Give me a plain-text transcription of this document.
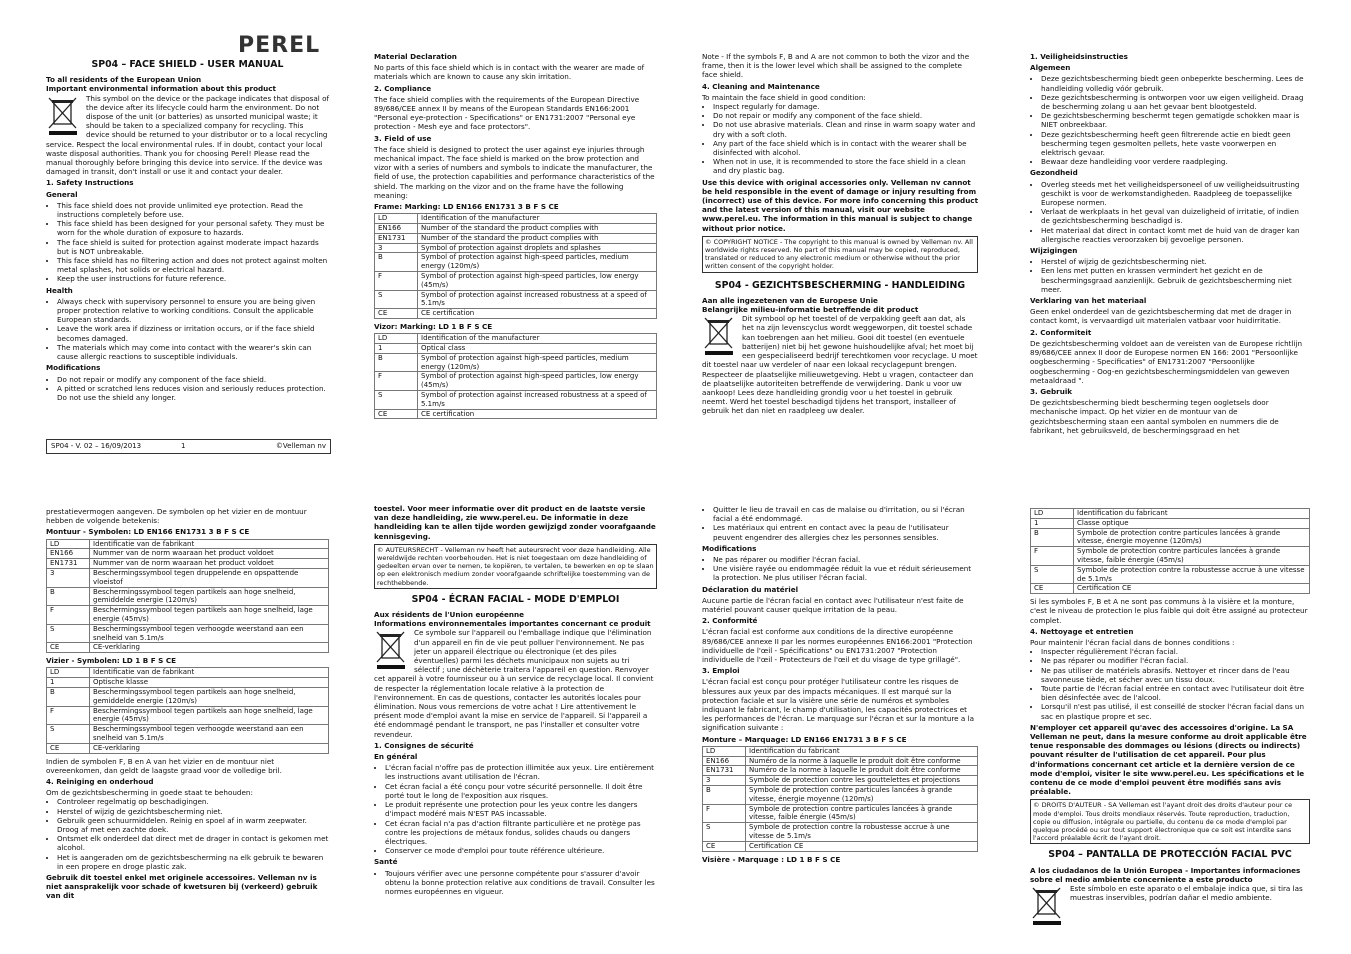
PEREL
SP04 – FACE SHIELD - USER MANUAL

To all residents of the European Union

Important environmental information about this product

This symbol on the device or the package indicates that disposal of the device after its lifecycle could harm the environment. Do not dispose of the unit (or batteries) as unsorted municipal waste; it should be taken to a specialized company for recycling. This device should be returned to your distributor or to a local recycling service. Respect the local environmental rules. If in doubt, contact your local waste disposal authorities. Thank you for choosing Perel! Please read the manual thoroughly before bringing this device into service. If the device was damaged in transit, don't install or use it and contact your dealer.

1. Safety Instructions

General

• This face shield does not provide unlimited eye protection. Read the instructions completely before use.
• This face shield has been designed for your personal safety. They must be worn for the whole duration of exposure to hazards.
• The face shield is suited for protection against moderate impact hazards but is NOT unbreakable.
• This face shield has no filtering action and does not protect against molten metal splashes, hot solids or electrical hazard.
• Keep the user instructions for future reference.

Health

• Always check with supervisory personnel to ensure you are being given proper protection relative to working conditions. Consult the applicable European standards.
• Leave the work area if dizziness or irritation occurs, or if the face shield becomes damaged.
• The materials which may come into contact with the wearer's skin can cause allergic reactions to susceptible individuals.

Modifications

• Do not repair or modify any component of the face shield.
• A pitted or scratched lens reduces vision and seriously reduces protection. Do not use the shield any longer.
SP04 - V. 02 – 16/09/2013	1	©Velleman nv

Material Declaration

No parts of this face shield which is in contact with the wearer are made of materials which are known to cause any skin irritation.

2. Compliance

The face shield complies with the requirements of the European Directive 89/686/CEE annex II by means of the European Standards EN166:2001 "Personal eye-protection - Specifications" or EN1731:2007 "Personal eye protection - Mesh eye and face protectors".

3. Field of use

The face shield is designed to protect the user against eye injuries through mechanical impact. The face shield is marked on the brow protection and vizor with a series of numbers and symbols to indicate the manufacturer, the field of use, the protection capabilities and performance characteristics of the shield. The marking on the vizor and on the frame have the following meaning:

Frame: Marking: LD EN166 EN1731 3 B F S CE

LD	Identification of the manufacturer
EN166	Number of the standard the product complies with
EN1731	Number of the standard the product complies with
3	Symbol of protection against droplets and splashes
B	Symbol of protection against high-speed particles, medium energy (120m/s)
F	Symbol of protection against high-speed particles, low energy (45m/s)
S	Symbol of protection against increased robustness at a speed of 5.1m/s
CE	CE certification

Vizor: Marking: LD 1 B F S CE

LD	Identification of the manufacturer
1	Optical class
B	Symbol of protection against high-speed particles, medium energy (120m/s)
F	Symbol of protection against high-speed particles, low energy (45m/s)
S	Symbol of protection against increased robustness at a speed of 5.1m/s
CE	CE certification

Note - If the symbols F, B and A are not common to both the vizor and the frame, then it is the lower level which shall be assigned to the complete face shield.

4. Cleaning and Maintenance

To maintain the face shield in good condition:

• Inspect regularly for damage.
• Do not repair or modify any component of the face shield.
• Do not use abrasive materials. Clean and rinse in warm soapy water and dry with a soft cloth.
• Any part of the face shield which is in contact with the wearer shall be disinfected with alcohol.
• When not in use, it is recommended to store the face shield in a clean and dry plastic bag.

Use this device with original accessories only. Velleman nv cannot be held responsible in the event of damage or injury resulting from (incorrect) use of this device. For more info concerning this product and the latest version of this manual, visit our website www.perel.eu. The information in this manual is subject to change without prior notice.

© COPYRIGHT NOTICE - The copyright to this manual is owned by Velleman nv. All worldwide rights reserved. No part of this manual may be copied, reproduced, translated or reduced to any electronic medium or otherwise without the prior written consent of the copyright holder.
SP04 - GEZICHTSBESCHERMING - HANDLEIDING

Aan alle ingezetenen van de Europese Unie

Belangrijke milieu-informatie betreffende dit product

Dit symbool op het toestel of de verpakking geeft aan dat, als het na zijn levenscyclus wordt weggeworpen, dit toestel schade kan toebrengen aan het milieu. Gooi dit toestel (en eventuele batterijen) niet bij het gewone huishoudelijke afval; het moet bij een gespecialiseerd bedrijf terechtkomen voor recyclage. U moet dit toestel naar uw verdeler of naar een lokaal recyclagepunt brengen. Respecteer de plaatselijke milieuwetgeving. Hebt u vragen, contacteer dan de plaatselijke autoriteiten betreffende de verwijdering. Dank u voor uw aankoop! Lees deze handleiding grondig voor u het toestel in gebruik neemt. Werd het toestel beschadigd tijdens het transport, installeer of gebruik het dan niet en raadpleeg uw dealer.

1. Veiligheidsinstructies

Algemeen

• Deze gezichtsbescherming biedt geen onbeperkte bescherming. Lees de handleiding volledig vóór gebruik.
• Deze gezichtsbescherming is ontworpen voor uw eigen veiligheid. Draag de bescherming zolang u aan het gevaar bent blootgesteld.
• De gezichtsbescherming beschermt tegen gematigde schokken maar is NIET onbreekbaar.
• Deze gezichtsbescherming heeft geen filtrerende actie en biedt geen bescherming tegen gesmolten pellets, hete vaste voorwerpen en elektrisch gevaar.
• Bewaar deze handleiding voor verdere raadpleging.

Gezondheid

• Overleg steeds met het veiligheidspersoneel of uw veiligheidsuitrusting geschikt is voor de werkomstandigheden. Raadpleeg de toepasselijke Europese normen.
• Verlaat de werkplaats in het geval van duizeligheid of irritatie, of indien de gezichtsbescherming beschadigd is.
• Het materiaal dat direct in contact komt met de huid van de drager kan allergische reacties veroorzaken bij gevoelige personen.

Wijzigingen

• Herstel of wijzig de gezichtsbescherming niet.
• Een lens met putten en krassen vermindert het gezicht en de beschermingsgraad aanzienlijk. Gebruik de gezichtsbescherming niet meer.

Verklaring van het materiaal

Geen enkel onderdeel van de gezichtsbescherming dat met de drager in contact komt, is vervaardigd uit materialen vatbaar voor huidirritatie.

2. Conformiteit

De gezichtsbescherming voldoet aan de vereisten van de Europese richtlijn 89/686/CEE annex II door de Europese normen EN 166: 2001 "Persoonlijke oogbescherming - Specificaties" of EN1731:2007 "Persoonlijke oogbescherming - Oog-en gezichtsbeschermingsmiddelen van geweven metaaldraad ".

3. Gebruik

De gezichtsbescherming biedt bescherming tegen oogletsels door mechanische impact. Op het vizier en de montuur van de gezichtsbescherming staan een aantal symbolen en nummers die de fabrikant, het gebruiksveld, de beschermingsgraad en het

prestatievermogen aangeven. De symbolen op het vizier en de montuur hebben de volgende betekenis:

Montuur - Symbolen: LD EN166 EN1731 3 B F S CE

LD	Identificatie van de fabrikant
EN166	Nummer van de norm waaraan het product voldoet
EN1731	Nummer van de norm waaraan het product voldoet
3	Beschermingssymbool tegen druppelende en opspattende vloeistof
B	Beschermingssymbool tegen partikels aan hoge snelheid, gemiddelde energie (120m/s)
F	Beschermingssymbool tegen partikels aan hoge snelheid, lage energie (45m/s)
S	Beschermingssymbool tegen verhoogde weerstand aan een snelheid van 5.1m/s
CE	CE-verklaring

Vizier - Symbolen: LD 1 B F S CE

LD	Identificatie van de fabrikant
1	Optische klasse
B	Beschermingssymbool tegen partikels aan hoge snelheid, gemiddelde energie (120m/s)
F	Beschermingssymbool tegen partikels aan hoge snelheid, lage energie (45m/s)
S	Beschermingssymbool tegen verhoogde weerstand aan een snelheid van 5.1m/s
CE	CE-verklaring

Indien de symbolen F, B en A van het vizier en de montuur niet overeenkomen, dan geldt de laagste graad voor de volledige bril.

4. Reiniging en onderhoud

Om de gezichtsbescherming in goede staat te behouden:

• Controleer regelmatig op beschadigingen.
• Herstel of wijzig de gezichtsbescherming niet.
• Gebruik geen schuurmiddelen. Reinig en spoel af in warm zeepwater. Droog af met een zachte doek.
• Ontsmet elk onderdeel dat direct met de drager in contact is gekomen met alcohol.
• Het is aangeraden om de gezichtsbescherming na elk gebruik te bewaren in een propere en droge plastic zak.

Gebruik dit toestel enkel met originele accessoires. Velleman nv is niet aansprakelijk voor schade of kwetsuren bij (verkeerd) gebruik van dit

toestel. Voor meer informatie over dit product en de laatste versie van deze handleiding, zie www.perel.eu. De informatie in deze handleiding kan te allen tijde worden gewijzigd zonder voorafgaande kennisgeving.

© AUTEURSRECHT - Velleman nv heeft het auteursrecht voor deze handleiding. Alle wereldwijde rechten voorbehouden. Het is niet toegestaan om deze handleiding of gedeelten ervan over te nemen, te kopiëren, te vertalen, te bewerken en op te slaan op een elektronisch medium zonder voorafgaande schriftelijke toestemming van de rechthebbende.
SP04 - ÉCRAN FACIAL - MODE D'EMPLOI

Aux résidents de l'Union européenne

Informations environnementales importantes concernant ce produit

Ce symbole sur l'appareil ou l'emballage indique que l'élimination d'un appareil en fin de vie peut polluer l'environnement. Ne pas jeter un appareil électrique ou électronique (et des piles éventuelles) parmi les déchets municipaux non sujets au tri sélectif ; une déchèterie traitera l'appareil en question. Renvoyer cet appareil à votre fournisseur ou à un service de recyclage local. Il convient de respecter la réglementation locale relative à la protection de l'environnement. En cas de questions, contacter les autorités locales pour élimination. Nous vous remercions de votre achat ! Lire attentivement le présent mode d'emploi avant la mise en service de l'appareil. Si l'appareil a été endommagé pendant le transport, ne pas l'installer et consulter votre revendeur.

1. Consignes de sécurité

En général

• L'écran facial n'offre pas de protection illimitée aux yeux. Lire entièrement les instructions avant utilisation de l'écran.
• Cet écran facial a été conçu pour votre sécurité personnelle. Il doit être porté tout le long de l'exposition aux risques.
• Le produit représente une protection pour les yeux contre les dangers d'impact modéré mais N'EST PAS incassable.
• Cet écran facial n'a pas d'action filtrante particulière et ne protège pas contre les projections de métaux fondus, solides chauds ou dangers électriques.
• Conserver ce mode d'emploi pour toute référence ultérieure.

Santé

• Toujours vérifier avec une personne compétente pour s'assurer d'avoir obtenu la bonne protection relative aux conditions de travail. Consulter les normes européennes en vigueur.
• Quitter le lieu de travail en cas de malaise ou d'irritation, ou si l'écran facial a été endommagé.
• Les matériaux qui entrent en contact avec la peau de l'utilisateur peuvent engendrer des allergies chez les personnes sensibles.

Modifications

• Ne pas réparer ou modifier l'écran facial.
• Une visière rayée ou endommagée réduit la vue et réduit sérieusement la protection. Ne plus utiliser l'écran facial.

Déclaration du matériel

Aucune partie de l'écran facial en contact avec l'utilisateur n'est faite de matériel pouvant causer quelque irritation de la peau.

2. Conformité

L'écran facial est conforme aux conditions de la directive européenne 89/686/CEE annexe II par les normes européennes EN166:2001 "Protection individuelle de l'œil - Spécifications" ou EN1731:2007 "Protection individuelle de l'œil - Protecteurs de l'œil et du visage de type grillagé".

3. Emploi

L'écran facial est conçu pour protéger l'utilisateur contre les risques de blessures aux yeux par des impacts mécaniques. Il est marqué sur la protection faciale et sur la visière une série de numéros et symboles indiquant le fabricant, le champ d'utilisation, les capacités protectrices et les performances de l'écran. Le marquage sur l'écran et sur la monture a la signification suivante :

Monture – Marquage: LD EN166 EN1731 3 B F S CE

LD	Identification du fabricant
EN166	Numéro de la norme à laquelle le produit doit être conforme
EN1731	Numéro de la norme à laquelle le produit doit être conforme
3	Symbole de protection contre les gouttelettes et projections
B	Symbole de protection contre particules lancées à grande vitesse, énergie moyenne (120m/s)
F	Symbole de protection contre particules lancées à grande vitesse, faible énergie (45m/s)
S	Symbole de protection contre la robustesse accrue à une vitesse de 5.1m/s
CE	Certification CE

Visière - Marquage : LD 1 B F S CE

LD	Identification du fabricant
1	Classe optique
B	Symbole de protection contre particules lancées à grande vitesse, énergie moyenne (120m/s)
F	Symbole de protection contre particules lancées à grande vitesse, faible énergie (45m/s)
S	Symbole de protection contre la robustesse accrue à une vitesse de 5.1m/s
CE	Certification CE

Si les symboles F, B et A ne sont pas communs à la visière et la monture, c'est le niveau de protection le plus faible qui doit être assigné au protecteur complet.

4. Nettoyage et entretien

Pour maintenir l'écran facial dans de bonnes conditions :

• Inspecter régulièrement l'écran facial.
• Ne pas réparer ou modifier l'écran facial.
• Ne pas utiliser de matériels abrasifs. Nettoyer et rincer dans de l'eau savonneuse tiède, et sécher avec un tissu doux.
• Toute partie de l'écran facial entrée en contact avec l'utilisateur doit être bien désinfectée avec de l'alcool.
• Lorsqu'il n'est pas utilisé, il est conseillé de stocker l'écran facial dans un sac en plastique propre et sec.

N'employer cet appareil qu'avec des accessoires d'origine. La SA Velleman ne peut, dans la mesure conforme au droit applicable être tenue responsable des dommages ou lésions (directs ou indirects) pouvant résulter de l'utilisation de cet appareil. Pour plus d'informations concernant cet article et la dernière version de ce mode d'emploi, visiter le site www.perel.eu. Les spécifications et le contenu de ce mode d'emploi peuvent être modifiés sans avis préalable.

© DROITS D'AUTEUR - SA Velleman est l'ayant droit des droits d'auteur pour ce mode d'emploi. Tous droits mondiaux réservés. Toute reproduction, traduction, copie ou diffusion, intégrale ou partielle, du contenu de ce mode d'emploi par quelque procédé ou sur tout support électronique que ce soit est interdite sans l'accord préalable écrit de l'ayant droit.
SP04 – PANTALLA DE PROTECCIÓN FACIAL PVC

A los ciudadanos de la Unión Europea - Importantes informaciones sobre el medio ambiente concerniente a este producto

Este símbolo en este aparato o el embalaje indica que, si tira las muestras inservibles, podrían dañar el medio ambiente.
